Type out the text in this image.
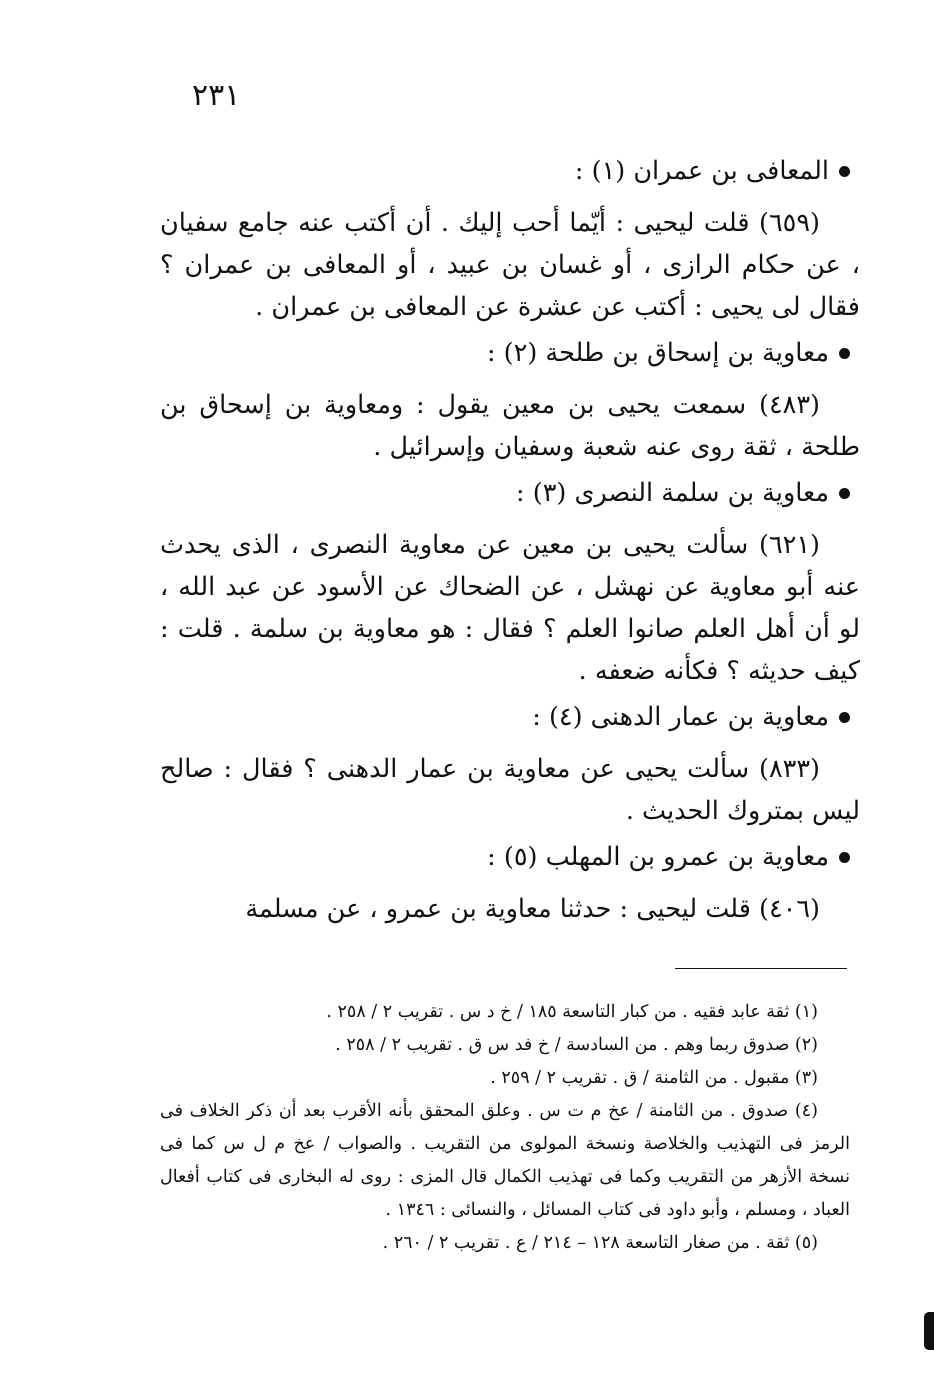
٢٣١

المعافى بن عمران (١) :

(٦٥٩) قلت ليحيى : أيّما أحب إليك . أن أكتب عنه جامع سفيان ، عن حكام الرازى ، أو غسان بن عبيد ، أو المعافى بن عمران ؟ فقال لى يحيى : أكتب عن عشرة عن المعافى بن عمران .

معاوية بن إسحاق بن طلحة (٢) :

(٤٨٣) سمعت يحيى بن معين يقول : ومعاوية بن إسحاق بن طلحة ، ثقة روى عنه شعبة وسفيان وإسرائيل .

معاوية بن سلمة النصرى (٣) :

(٦٢١) سألت يحيى بن معين عن معاوية النصرى ، الذى يحدث عنه أبو معاوية عن نهشل ، عن الضحاك عن الأسود عن عبد الله ، لو أن أهل العلم صانوا العلم ؟ فقال : هو معاوية بن سلمة . قلت : كيف حديثه ؟ فكأنه ضعفه .

معاوية بن عمار الدهنى (٤) :

(٨٣٣) سألت يحيى عن معاوية بن عمار الدهنى ؟ فقال : صالح ليس بمتروك الحديث .

معاوية بن عمرو بن المهلب (٥) :

(٤٠٦) قلت ليحيى : حدثنا معاوية بن عمرو ، عن مسلمة

(١) ثقة عابد فقيه . من كبار التاسعة ١٨٥ / خ د س . تقريب ٢ / ٢٥٨ .

(٢) صدوق ربما وهم . من السادسة / خ فد س ق . تقريب ٢ / ٢٥٨ .

(٣) مقبول . من الثامنة / ق . تقريب ٢ / ٢٥٩ .

(٤) صدوق . من الثامنة / عخ م ت س . وعلق المحقق بأنه الأقرب بعد أن ذكر الخلاف فى الرمز فى التهذيب والخلاصة ونسخة المولوى من التقريب . والصواب / عخ م ل س كما فى نسخة الأزهر من التقريب وكما فى تهذيب الكمال قال المزى : روى له البخارى فى كتاب أفعال العباد ، ومسلم ، وأبو داود فى كتاب المسائل ، والنسائى : ١٣٤٦ .

(٥) ثقة . من صغار التاسعة ١٢٨ – ٢١٤ / ع . تقريب ٢ / ٢٦٠ .
